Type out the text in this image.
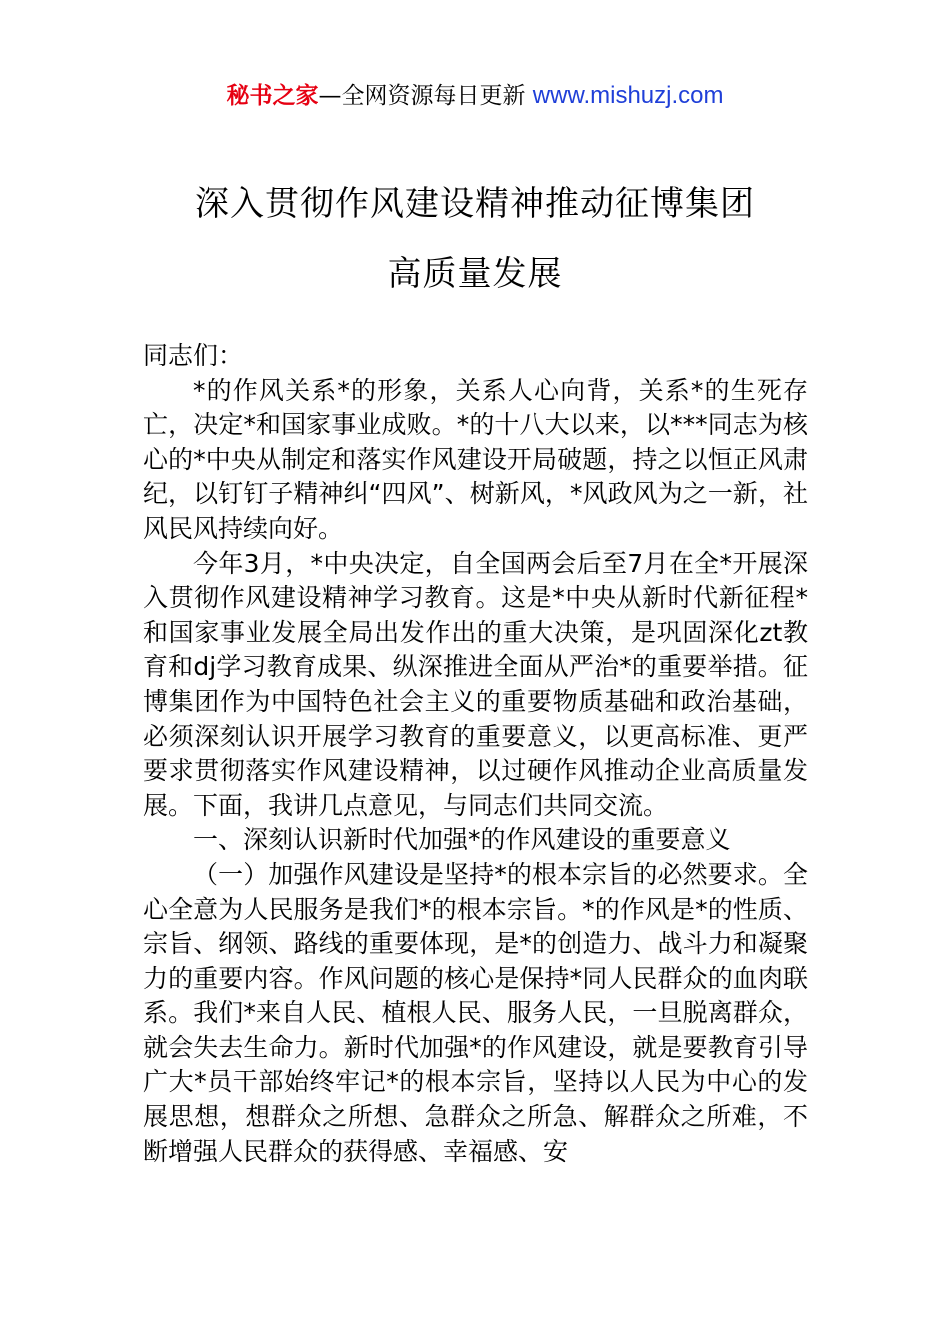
秘书之家—全网资源每日更新 www.mishuzj.com
深入贯彻作风建设精神推动征博集团
高质量发展

同志们：

*的作风关系*的形象，关系人心向背，关系*的生死存亡，决定*和国家事业成败。*的十八大以来，以***同志为核心的*中央从制定和落实作风建设开局破题，持之以恒正风肃纪，以钉钉子精神纠“四风”、树新风，*风政风为之一新，社风民风持续向好。

今年3月，*中央决定，自全国两会后至7月在全*开展深入贯彻作风建设精神学习教育。这是*中央从新时代新征程*和国家事业发展全局出发作出的重大决策，是巩固深化zt教育和dj学习教育成果、纵深推进全面从严治*的重要举措。征博集团作为中国特色社会主义的重要物质基础和政治基础，必须深刻认识开展学习教育的重要意义，以更高标准、更严要求贯彻落实作风建设精神，以过硬作风推动企业高质量发展。下面，我讲几点意见，与同志们共同交流。

一、深刻认识新时代加强*的作风建设的重要意义

（一）加强作风建设是坚持*的根本宗旨的必然要求。全心全意为人民服务是我们*的根本宗旨。*的作风是*的性质、宗旨、纲领、路线的重要体现，是*的创造力、战斗力和凝聚力的重要内容。作风问题的核心是保持*同人民群众的血肉联系。我们*来自人民、植根人民、服务人民，一旦脱离群众，就会失去生命力。新时代加强*的作风建设，就是要教育引导广大*员干部始终牢记*的根本宗旨，坚持以人民为中心的发展思想，想群众之所想、急群众之所急、解群众之所难，不断增强人民群众的获得感、幸福感、安
